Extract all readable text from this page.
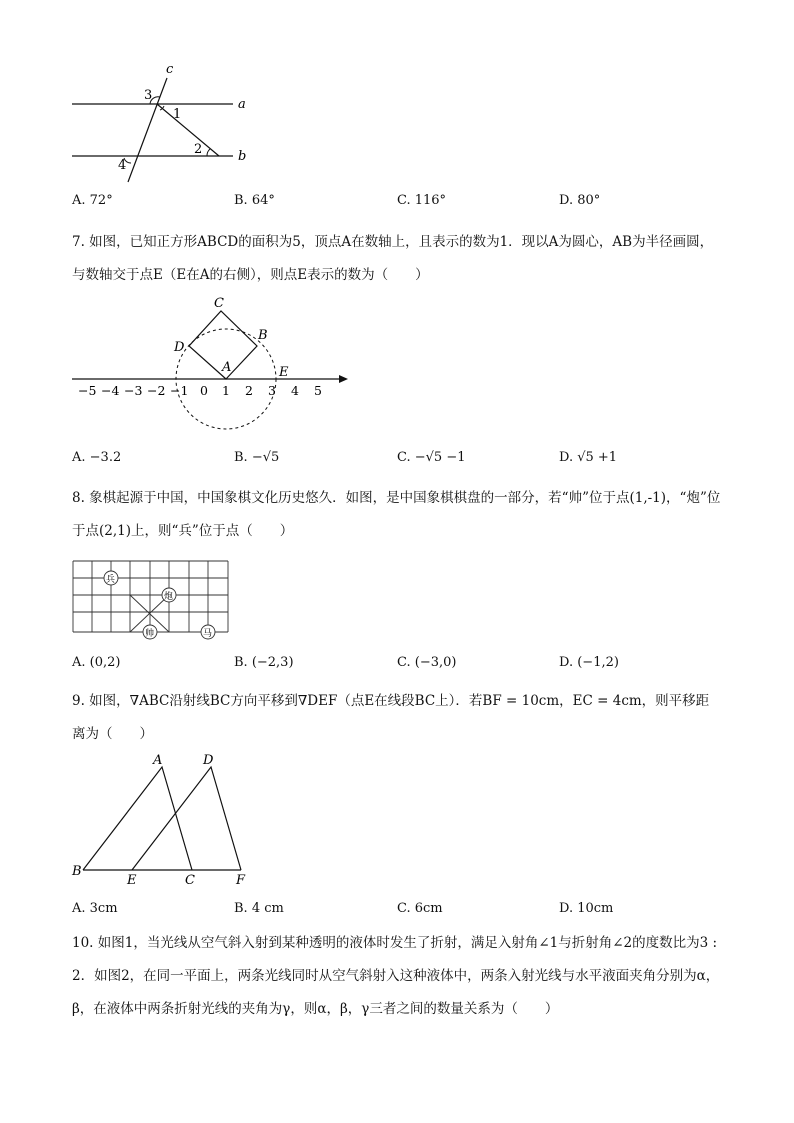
c
a
b
3
1
2
4
A. 72°	B. 64°	C. 116°	D. 80°
7. 如图，已知正方形ABCD的面积为5，顶点A在数轴上，且表示的数为1．现以A为圆心，AB为半径画圆，与数轴交于点E（E在A的右侧），则点E表示的数为（　　）
C
B
D
A	E
−5 −4 −3 −2 −1 0 1 2 3 4 5
A. −3.2	B. −√5	C. −√5 −1	D. √5 +1
8. 象棋起源于中国，中国象棋文化历史悠久．如图，是中国象棋棋盘的一部分，若“帅”位于点(1,-1)，“炮”位于点(2,1)上，则“兵”位于点（　　）
兵
炮
帅	马
A. (0,2)	B. (−2,3)	C. (−3,0)	D. (−1,2)
9. 如图，∇ABC沿射线BC方向平移到∇DEF（点E在线段BC上）．若BF = 10cm，EC = 4cm，则平移距离为（　　）
A	D
B
E	C	F
A. 3cm	B. 4 cm	C. 6cm	D. 10cm
10. 如图1，当光线从空气斜入射到某种透明的液体时发生了折射，满足入射角∠1与折射角∠2的度数比为3 : 2．如图2，在同一平面上，两条光线同时从空气斜射入这种液体中，两条入射光线与水平液面夹角分别为α，β，在液体中两条折射光线的夹角为γ，则α，β，γ三者之间的数量关系为（　　）
